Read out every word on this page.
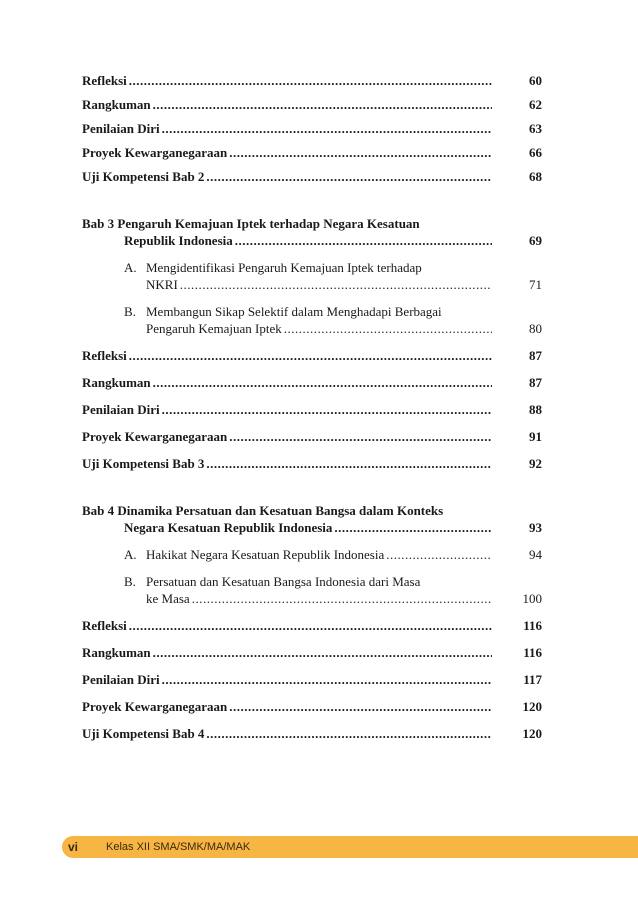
Refleksi .....	60
Rangkuman .....	62
Penilaian Diri .....	63
Proyek Kewarganegaraan .....	66
Uji Kompetensi Bab 2 .....	68
Bab 3 Pengaruh Kemajuan Iptek terhadap Negara Kesatuan
Republik Indonesia .....	69
A. Mengidentifikasi Pengaruh Kemajuan Iptek terhadap
NKRI .....	71
B. Membangun Sikap Selektif dalam Menghadapi Berbagai
Pengaruh Kemajuan Iptek .....	80
Refleksi .....	87
Rangkuman .....	87
Penilaian Diri .....	88
Proyek Kewarganegaraan .....	91
Uji Kompetensi Bab 3 .....	92
Bab 4 Dinamika Persatuan dan Kesatuan Bangsa dalam Konteks
Negara Kesatuan Republik Indonesia .....	93
A. Hakikat Negara Kesatuan Republik Indonesia .....	94
B. Persatuan dan Kesatuan Bangsa Indonesia dari Masa
ke Masa .....	100
Refleksi .....	116
Rangkuman .....	116
Penilaian Diri .....	117
Proyek Kewarganegaraan .....	120
Uji Kompetensi Bab 4 .....	120
vi	Kelas XII SMA/SMK/MA/MAK
